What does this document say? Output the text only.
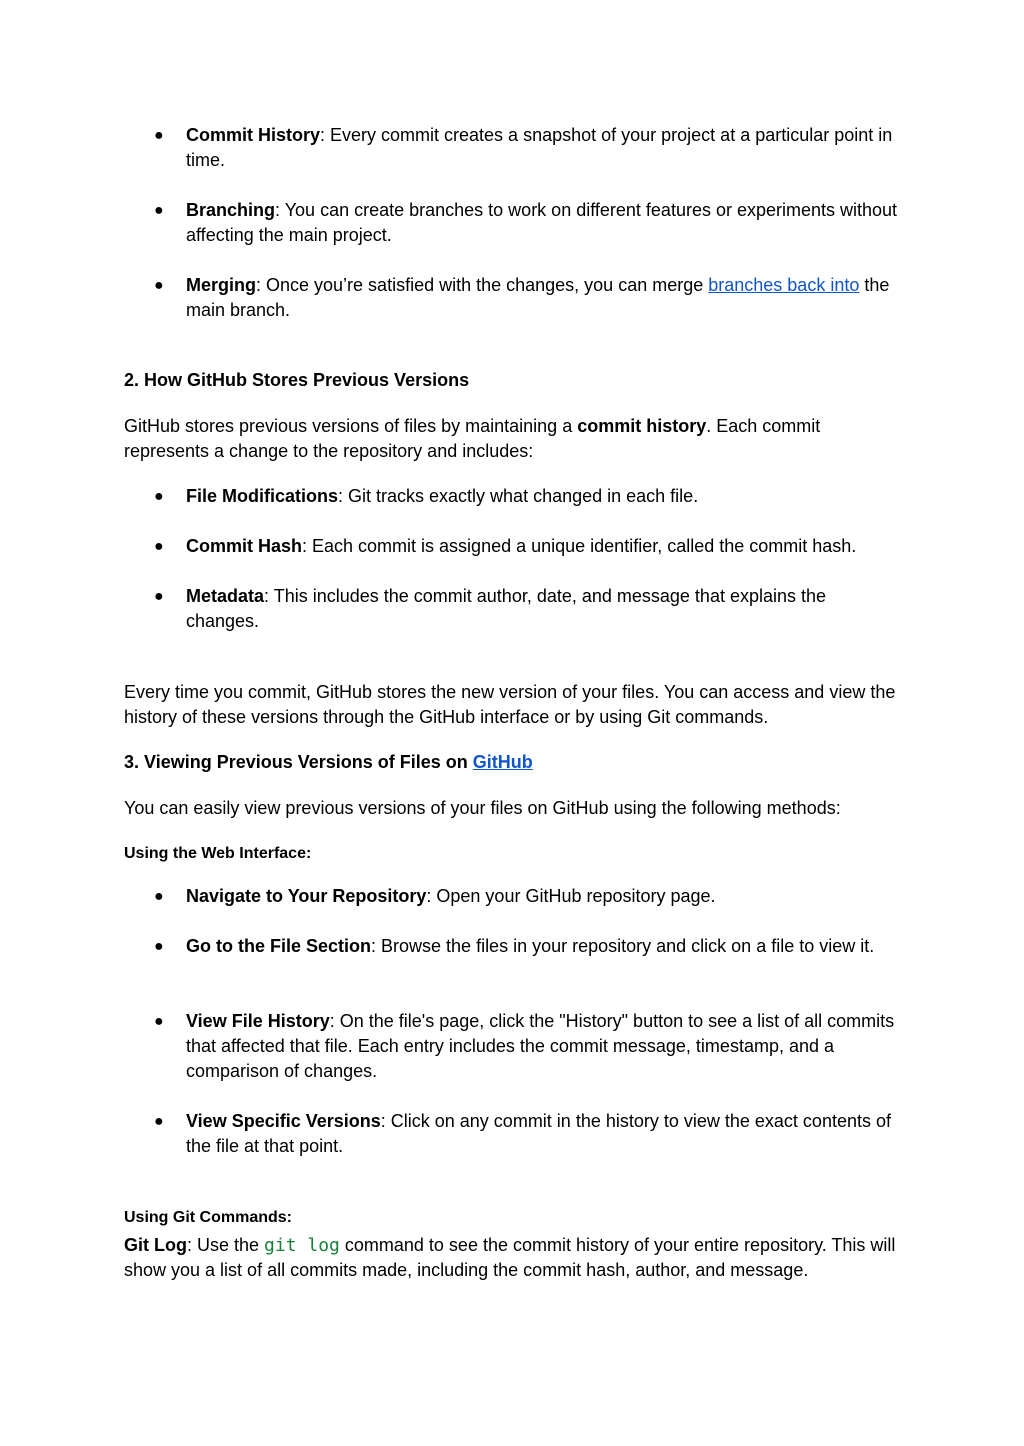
● Commit History: Every commit creates a snapshot of your project at a particular point in time.

● Branching: You can create branches to work on different features or experiments without affecting the main project.

● Merging: Once you’re satisfied with the changes, you can merge branches back into the main branch.

2. How GitHub Stores Previous Versions

GitHub stores previous versions of files by maintaining a commit history. Each commit represents a change to the repository and includes:

● File Modifications: Git tracks exactly what changed in each file.

● Commit Hash: Each commit is assigned a unique identifier, called the commit hash.

● Metadata: This includes the commit author, date, and message that explains the changes.

Every time you commit, GitHub stores the new version of your files. You can access and view the history of these versions through the GitHub interface or by using Git commands.

3. Viewing Previous Versions of Files on GitHub

You can easily view previous versions of your files on GitHub using the following methods:

Using the Web Interface:

● Navigate to Your Repository: Open your GitHub repository page.

● Go to the File Section: Browse the files in your repository and click on a file to view it.

● View File History: On the file's page, click the "History" button to see a list of all commits that affected that file. Each entry includes the commit message, timestamp, and a comparison of changes.

● View Specific Versions: Click on any commit in the history to view the exact contents of the file at that point.

Using Git Commands:

Git Log: Use the git log command to see the commit history of your entire repository. This will show you a list of all commits made, including the commit hash, author, and message.
